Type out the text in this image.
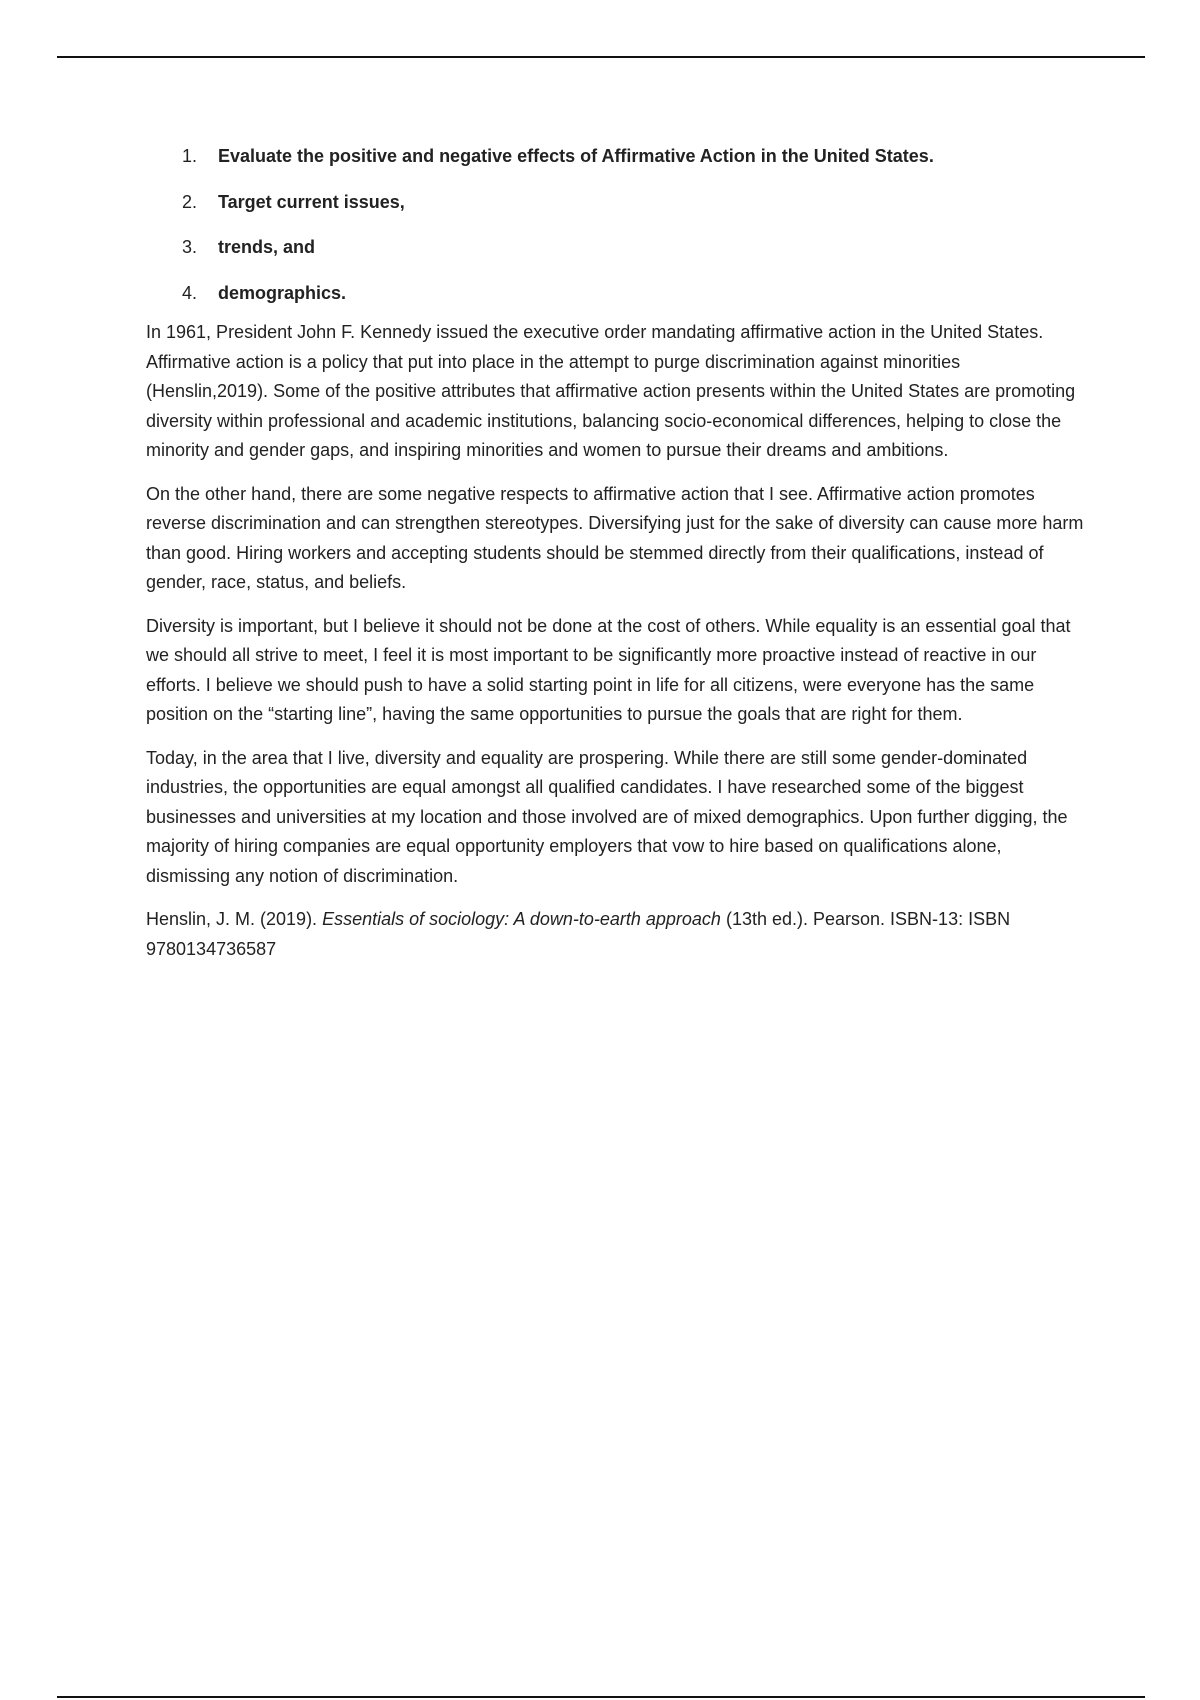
1.	Evaluate the positive and negative effects of Affirmative Action in the United States.
2.	Target current issues,
3.	trends, and
4.	demographics.

In 1961, President John F. Kennedy issued the executive order mandating affirmative action in the United States. Affirmative action is a policy that put into place in the attempt to purge discrimination against minorities (Henslin,2019). Some of the positive attributes that affirmative action presents within the United States are promoting diversity within professional and academic institutions, balancing socio-economical differences, helping to close the minority and gender gaps, and inspiring minorities and women to pursue their dreams and ambitions.

On the other hand, there are some negative respects to affirmative action that I see. Affirmative action promotes reverse discrimination and can strengthen stereotypes. Diversifying just for the sake of diversity can cause more harm than good. Hiring workers and accepting students should be stemmed directly from their qualifications, instead of gender, race, status, and beliefs.

Diversity is important, but I believe it should not be done at the cost of others. While equality is an essential goal that we should all strive to meet, I feel it is most important to be significantly more proactive instead of reactive in our efforts. I believe we should push to have a solid starting point in life for all citizens, were everyone has the same position on the “starting line”, having the same opportunities to pursue the goals that are right for them.

Today, in the area that I live, diversity and equality are prospering. While there are still some gender-dominated industries, the opportunities are equal amongst all qualified candidates. I have researched some of the biggest businesses and universities at my location and those involved are of mixed demographics. Upon further digging, the majority of hiring companies are equal opportunity employers that vow to hire based on qualifications alone, dismissing any notion of discrimination.

Henslin, J. M. (2019). Essentials of sociology: A down-to-earth approach (13th ed.). Pearson. ISBN-13: ISBN 9780134736587
